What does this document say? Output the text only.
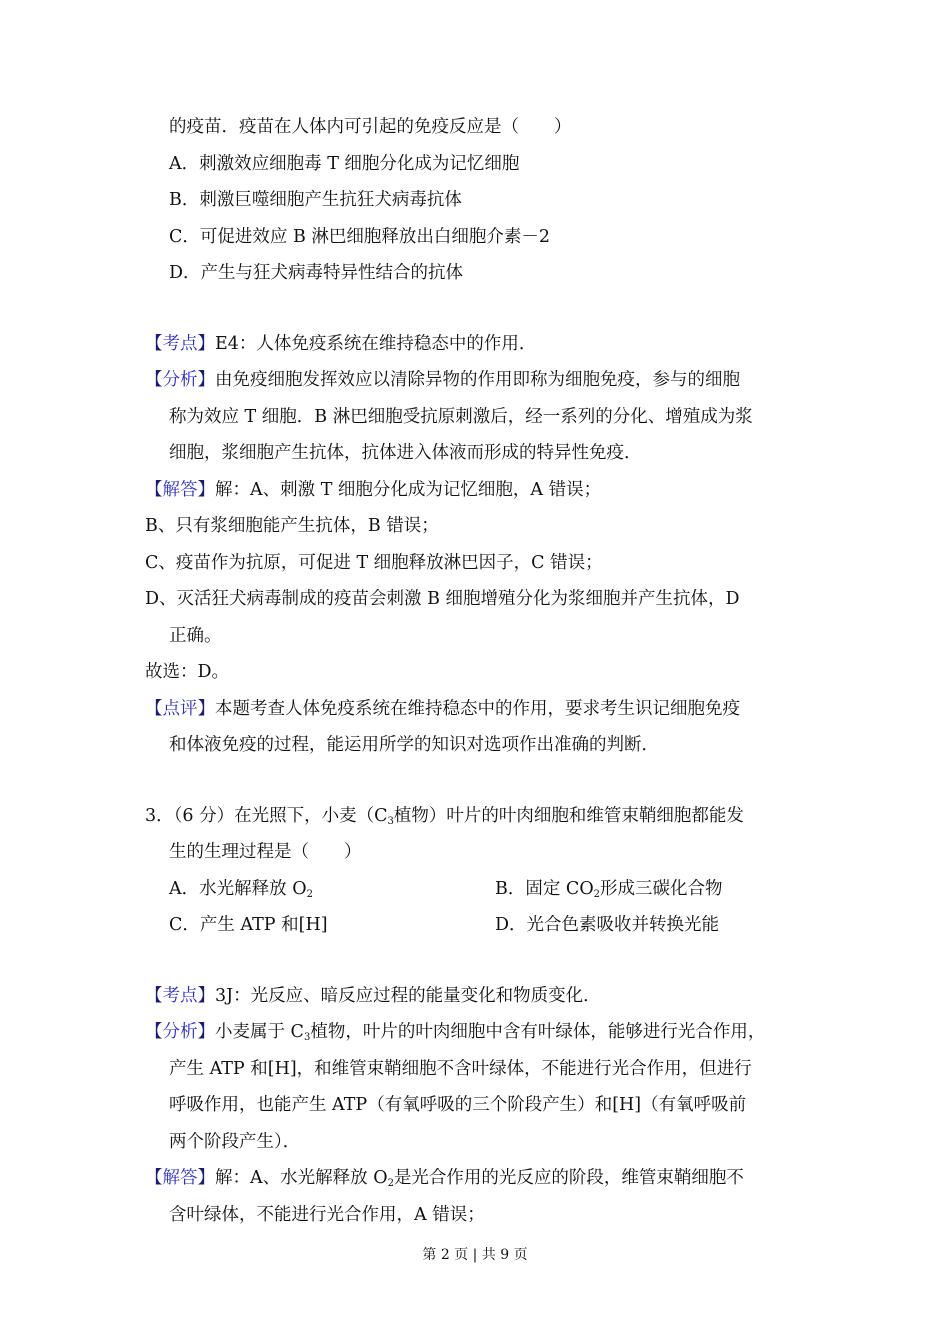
的疫苗．疫苗在人体内可引起的免疫反应是（　　）
A．刺激效应细胞毒 T 细胞分化成为记忆细胞
B．刺激巨噬细胞产生抗狂犬病毒抗体
C．可促进效应 B 淋巴细胞释放出白细胞介素－2
D．产生与狂犬病毒特异性结合的抗体
【考点】E4：人体免疫系统在维持稳态中的作用．
【分析】由免疫细胞发挥效应以清除异物的作用即称为细胞免疫，参与的细胞
称为效应 T 细胞．B 淋巴细胞受抗原刺激后，经一系列的分化、增殖成为浆
细胞，浆细胞产生抗体，抗体进入体液而形成的特异性免疫．
【解答】解：A、刺激 T 细胞分化成为记忆细胞，A 错误；
B、只有浆细胞能产生抗体，B 错误；
C、疫苗作为抗原，可促进 T 细胞释放淋巴因子，C 错误；
D、灭活狂犬病毒制成的疫苗会刺激 B 细胞增殖分化为浆细胞并产生抗体，D
正确。
故选：D。
【点评】本题考查人体免疫系统在维持稳态中的作用，要求考生识记细胞免疫
和体液免疫的过程，能运用所学的知识对选项作出准确的判断．
3．（6 分）在光照下，小麦（$C_3$植物）叶片的叶肉细胞和维管束鞘细胞都能发
生的生理过程是（　　）
A．水光解释放 $O_2$	B．固定 $CO_2$形成三碳化合物
C．产生 ATP 和[H]	D．光合色素吸收并转换光能
【考点】3J：光反应、暗反应过程的能量变化和物质变化．
【分析】小麦属于 $C_3$植物，叶片的叶肉细胞中含有叶绿体，能够进行光合作用，
产生 ATP 和[H]，和维管束鞘细胞不含叶绿体，不能进行光合作用，但进行
呼吸作用，也能产生 ATP（有氧呼吸的三个阶段产生）和[H]（有氧呼吸前
两个阶段产生）．
【解答】解：A、水光解释放 $O_2$是光合作用的光反应的阶段，维管束鞘细胞不
含叶绿体，不能进行光合作用，A 错误；
第 2 页 | 共 9 页
